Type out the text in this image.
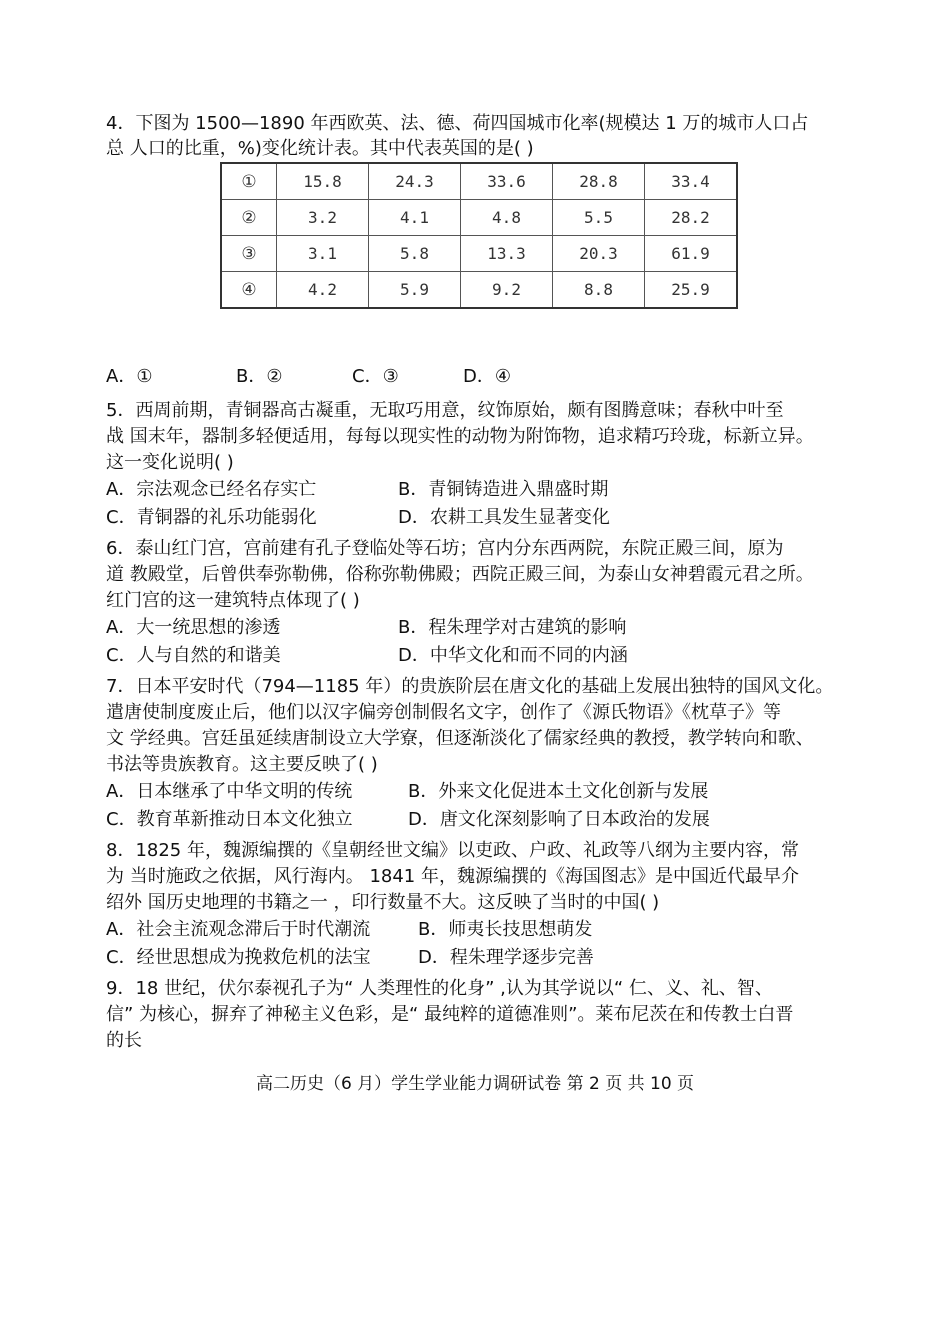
4．下图为 1500—1890 年西欧英、法、德、荷四国城市化率(规模达 1 万的城市人口占
总 人口的比重，%)变化统计表。其中代表英国的是( )
①	15.8	24.3	33.6	28.8	33.4
②	3.2	4.1	4.8	5.5	28.2
③	3.1	5.8	13.3	20.3	61.9
④	4.2	5.9	9.2	8.8	25.9
A．①	B．②	C．③	D．④
5．西周前期，青铜器高古凝重，无取巧用意，纹饰原始，颇有图腾意味；春秋中叶至
战 国末年，器制多轻便适用，每每以现实性的动物为附饰物，追求精巧玲珑，标新立异。
这一变化说明( )
A．宗法观念已经名存实亡	B．青铜铸造进入鼎盛时期
C．青铜器的礼乐功能弱化	D．农耕工具发生显著变化
6．泰山红门宫，宫前建有孔子登临处等石坊；宫内分东西两院，东院正殿三间，原为
道 教殿堂，后曾供奉弥勒佛，俗称弥勒佛殿；西院正殿三间，为泰山女神碧霞元君之所。
红门宫的这一建筑特点体现了( )
A．大一统思想的渗透	B．程朱理学对古建筑的影响
C．人与自然的和谐美	D．中华文化和而不同的内涵
7．日本平安时代（794—1185 年）的贵族阶层在唐文化的基础上发展出独特的国风文化。
遣唐使制度废止后，他们以汉字偏旁创制假名文字，创作了《源氏物语》《枕草子》等
文 学经典。宫廷虽延续唐制设立大学寮，但逐渐淡化了儒家经典的教授，教学转向和歌、
书法等贵族教育。这主要反映了( )
A．日本继承了中华文明的传统	B．外来文化促进本土文化创新与发展
C．教育革新推动日本文化独立	D．唐文化深刻影响了日本政治的发展
8．1825 年，魏源编撰的《皇朝经世文编》以吏政、户政、礼政等八纲为主要内容，常
为 当时施政之依据，风行海内。 1841 年，魏源编撰的《海国图志》是中国近代最早介
绍外 国历史地理的书籍之一 ，印行数量不大。这反映了当时的中国( )
A．社会主流观念滞后于时代潮流	B．师夷长技思想萌发
C．经世思想成为挽救危机的法宝	D．程朱理学逐步完善
9．18 世纪，伏尔泰视孔子为“ 人类理性的化身” ,认为其学说以“ 仁、义、礼、智、
信” 为核心，摒弃了神秘主义色彩，是“ 最纯粹的道德准则”。莱布尼茨在和传教士白晋
的长
高二历史（6 月）学生学业能力调研试卷 第 2 页 共 10 页
